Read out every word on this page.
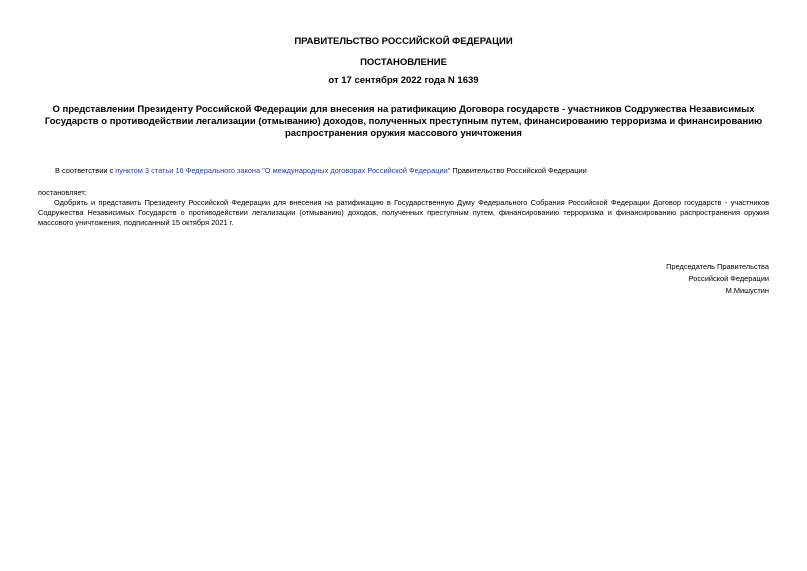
ПРАВИТЕЛЬСТВО РОССИЙСКОЙ ФЕДЕРАЦИИ
ПОСТАНОВЛЕНИЕ
от 17 сентября 2022 года N 1639
О представлении Президенту Российской Федерации для внесения на ратификацию Договора государств - участников Содружества Независимых Государств о противодействии легализации (отмыванию) доходов, полученных преступным путем, финансированию терроризма и финансированию распространения оружия массового уничтожения
В соответствии с пунктом 3 статьи 16 Федерального закона "О международных договорах Российской Федерации" Правительство Российской Федерации
постановляет:
Одобрить и представить Президенту Российской Федерации для внесения на ратификацию в Государственную Думу Федерального Собрания Российской Федерации Договор государств - участников Содружества Независимых Государств о противодействии легализации (отмыванию) доходов, полученных преступным путем, финансированию терроризма и финансированию распространения оружия массового уничтожения, подписанный 15 октября 2021 г.
Председатель Правительства
Российской Федерации
М.Мишустин
